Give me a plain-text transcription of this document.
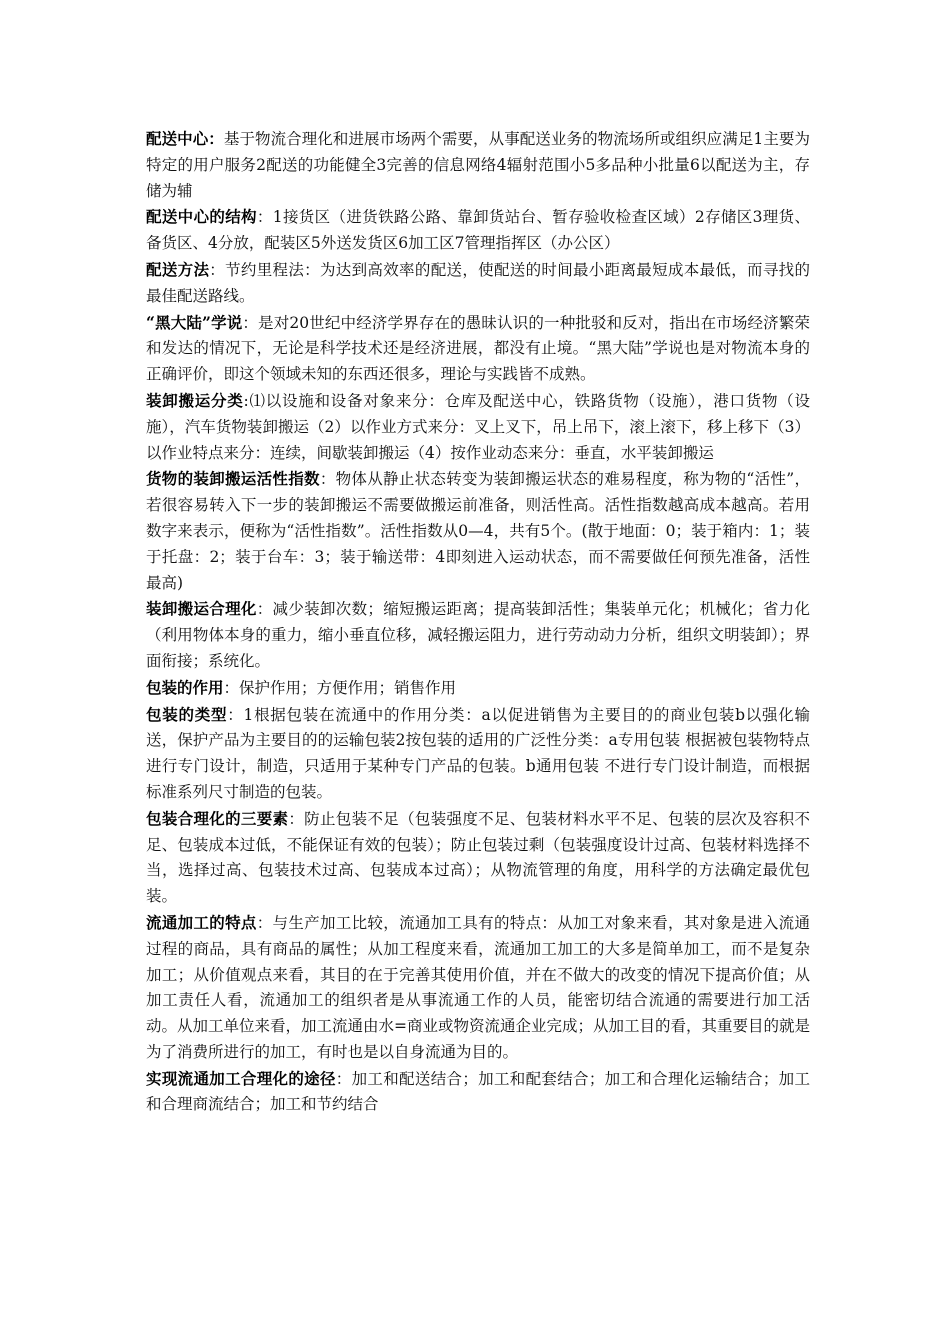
配送中心：基于物流合理化和进展市场两个需要，从事配送业务的物流场所或组织应满足1主要为特定的用户服务2配送的功能健全3完善的信息网络4辐射范围小5多品种小批量6以配送为主，存储为辅

配送中心的结构：1接货区（进货铁路公路、靠卸货站台、暂存验收检查区域）2存储区3理货、备货区、4分放，配装区5外送发货区6加工区7管理指挥区（办公区）

配送方法：节约里程法：为达到高效率的配送，使配送的时间最小距离最短成本最低，而寻找的最佳配送路线。

“黑大陆”学说：是对20世纪中经济学界存在的愚昧认识的一种批驳和反对，指出在市场经济繁荣和发达的情况下，无论是科学技术还是经济进展，都没有止境。“黑大陆”学说也是对物流本身的正确评价，即这个领域未知的东西还很多，理论与实践皆不成熟。

装卸搬运分类:⑴以设施和设备对象来分：仓库及配送中心，铁路货物（设施），港口货物（设施），汽车货物装卸搬运（2）以作业方式来分：叉上叉下，吊上吊下，滚上滚下，移上移下（3）以作业特点来分：连续，间歇装卸搬运（4）按作业动态来分：垂直，水平装卸搬运

货物的装卸搬运活性指数：物体从静止状态转变为装卸搬运状态的难易程度，称为物的“活性”，若很容易转入下一步的装卸搬运不需要做搬运前准备，则活性高。活性指数越高成本越高。若用数字来表示，便称为“活性指数”。活性指数从0—4，共有5个。(散于地面：0；装于箱内：1；装于托盘：2；装于台车：3；装于输送带：4即刻进入运动状态，而不需要做任何预先准备，活性最高)

装卸搬运合理化：减少装卸次数；缩短搬运距离；提高装卸活性；集装单元化；机械化；省力化（利用物体本身的重力，缩小垂直位移，减轻搬运阻力，进行劳动动力分析，组织文明装卸）；界面衔接；系统化。

包装的作用：保护作用；方便作用；销售作用

包装的类型：1根据包装在流通中的作用分类：a以促进销售为主要目的的商业包装b以强化输送，保护产品为主要目的的运输包装2按包装的适用的广泛性分类：a专用包装 根据被包装物特点进行专门设计，制造，只适用于某种专门产品的包装。b通用包装 不进行专门设计制造，而根据标准系列尺寸制造的包装。

包装合理化的三要素：防止包装不足（包装强度不足、包装材料水平不足、包装的层次及容积不足、包装成本过低，不能保证有效的包装）；防止包装过剩（包装强度设计过高、包装材料选择不当，选择过高、包装技术过高、包装成本过高）；从物流管理的角度，用科学的方法确定最优包装。

流通加工的特点：与生产加工比较，流通加工具有的特点：从加工对象来看，其对象是进入流通过程的商品，具有商品的属性；从加工程度来看，流通加工加工的大多是简单加工，而不是复杂加工；从价值观点来看，其目的在于完善其使用价值，并在不做大的改变的情况下提高价值；从加工责任人看，流通加工的组织者是从事流通工作的人员，能密切结合流通的需要进行加工活动。从加工单位来看，加工流通由水=商业或物资流通企业完成；从加工目的看，其重要目的就是为了消费所进行的加工，有时也是以自身流通为目的。

实现流通加工合理化的途径：加工和配送结合；加工和配套结合；加工和合理化运输结合；加工和合理商流结合；加工和节约结合
